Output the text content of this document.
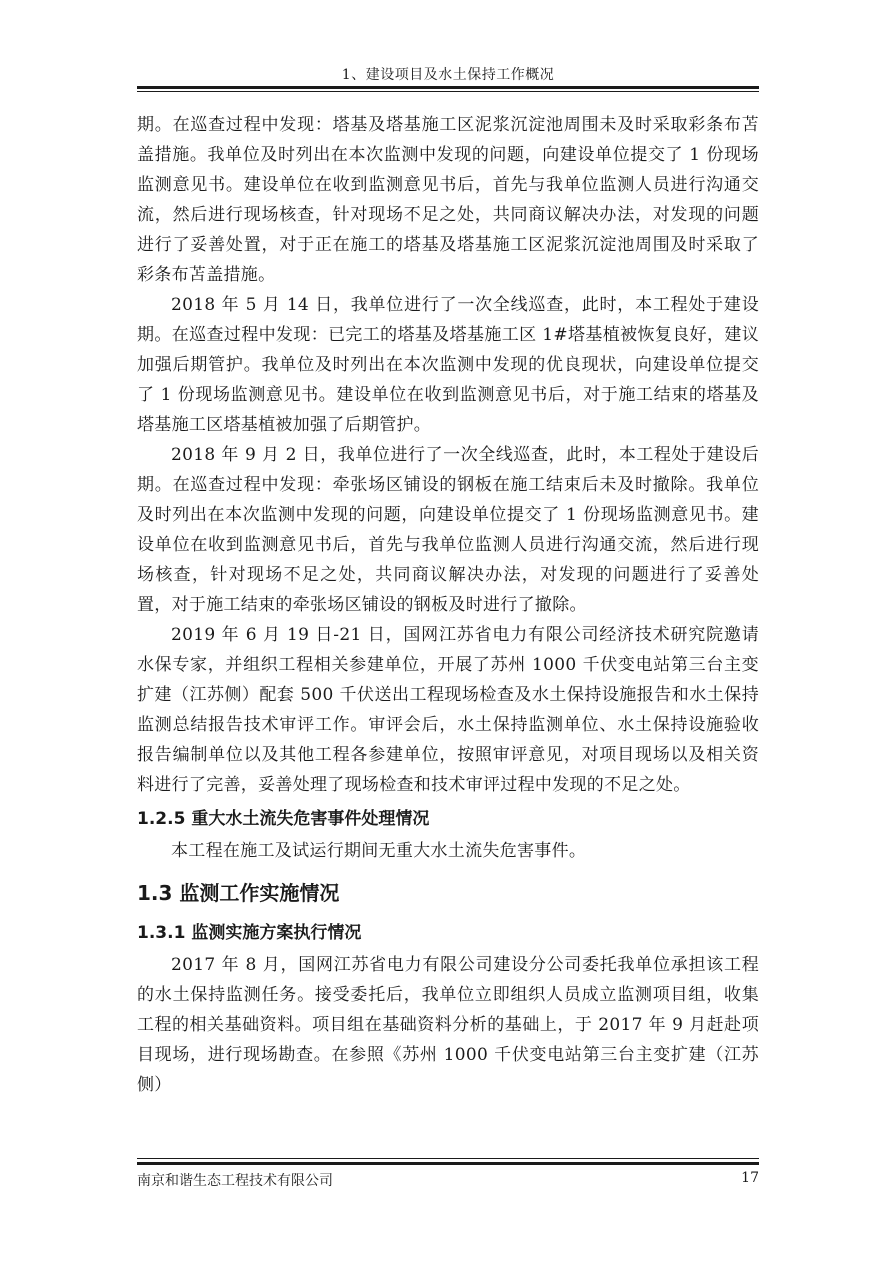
1、建设项目及水土保持工作概况

期。在巡查过程中发现：塔基及塔基施工区泥浆沉淀池周围未及时采取彩条布苫盖措施。我单位及时列出在本次监测中发现的问题，向建设单位提交了 1 份现场监测意见书。建设单位在收到监测意见书后，首先与我单位监测人员进行沟通交流，然后进行现场核查，针对现场不足之处，共同商议解决办法，对发现的问题进行了妥善处置，对于正在施工的塔基及塔基施工区泥浆沉淀池周围及时采取了彩条布苫盖措施。

2018 年 5 月 14 日，我单位进行了一次全线巡查，此时，本工程处于建设期。在巡查过程中发现：已完工的塔基及塔基施工区 1#塔基植被恢复良好，建议加强后期管护。我单位及时列出在本次监测中发现的优良现状，向建设单位提交了 1 份现场监测意见书。建设单位在收到监测意见书后，对于施工结束的塔基及塔基施工区塔基植被加强了后期管护。

2018 年 9 月 2 日，我单位进行了一次全线巡查，此时，本工程处于建设后期。在巡查过程中发现：牵张场区铺设的钢板在施工结束后未及时撤除。我单位及时列出在本次监测中发现的问题，向建设单位提交了 1 份现场监测意见书。建设单位在收到监测意见书后，首先与我单位监测人员进行沟通交流，然后进行现场核查，针对现场不足之处，共同商议解决办法，对发现的问题进行了妥善处置，对于施工结束的牵张场区铺设的钢板及时进行了撤除。

2019 年 6 月 19 日-21 日，国网江苏省电力有限公司经济技术研究院邀请水保专家，并组织工程相关参建单位，开展了苏州 1000 千伏变电站第三台主变扩建（江苏侧）配套 500 千伏送出工程现场检查及水土保持设施报告和水土保持监测总结报告技术审评工作。审评会后，水土保持监测单位、水土保持设施验收报告编制单位以及其他工程各参建单位，按照审评意见，对项目现场以及相关资料进行了完善，妥善处理了现场检查和技术审评过程中发现的不足之处。

1.2.5 重大水土流失危害事件处理情况

本工程在施工及试运行期间无重大水土流失危害事件。

1.3 监测工作实施情况
1.3.1 监测实施方案执行情况

2017 年 8 月，国网江苏省电力有限公司建设分公司委托我单位承担该工程的水土保持监测任务。接受委托后，我单位立即组织人员成立监测项目组，收集工程的相关基础资料。项目组在基础资料分析的基础上，于 2017 年 9 月赶赴项目现场，进行现场勘查。在参照《苏州 1000 千伏变电站第三台主变扩建（江苏侧）

南京和谐生态工程技术有限公司	17
